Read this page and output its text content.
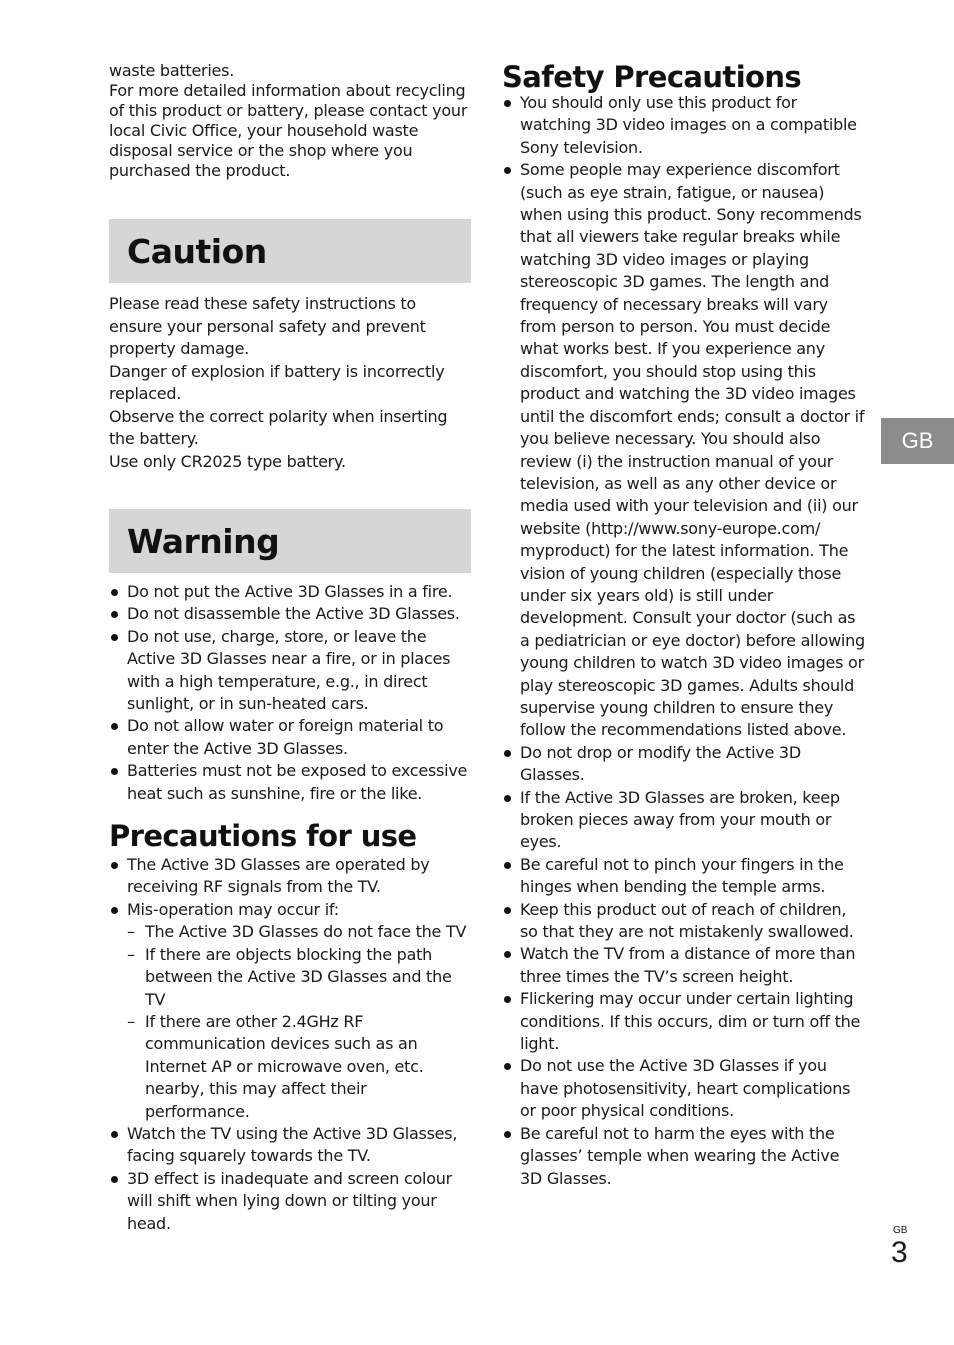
waste batteries.

For more detailed information about recycling of this product or battery, please contact your local Civic Office, your household waste disposal service or the shop where you purchased the product.

Caution

Please read these safety instructions to ensure your personal safety and prevent property damage.

Danger of explosion if battery is incorrectly replaced.

Observe the correct polarity when inserting the battery.

Use only CR2025 type battery.

Warning
Do not put the Active 3D Glasses in a fire.
Do not disassemble the Active 3D Glasses.
Do not use, charge, store, or leave the Active 3D Glasses near a fire, or in places with a high temperature, e.g., in direct sunlight, or in sun-heated cars.
Do not allow water or foreign material to enter the Active 3D Glasses.
Batteries must not be exposed to excessive heat such as sunshine, fire or the like.
Precautions for use
The Active 3D Glasses are operated by receiving RF signals from the TV.
Mis-operation may occur if:
– The Active 3D Glasses do not face the TV
– If there are objects blocking the path between the Active 3D Glasses and the TV
– If there are other 2.4GHz RF communication devices such as an Internet AP or microwave oven, etc. nearby, this may affect their performance.
Watch the TV using the Active 3D Glasses, facing squarely towards the TV.
3D effect is inadequate and screen colour will shift when lying down or tilting your head.
Safety Precautions
You should only use this product for watching 3D video images on a compatible Sony television.
Some people may experience discomfort (such as eye strain, fatigue, or nausea) when using this product. Sony recommends that all viewers take regular breaks while watching 3D video images or playing stereoscopic 3D games. The length and frequency of necessary breaks will vary from person to person. You must decide what works best. If you experience any discomfort, you should stop using this product and watching the 3D video images until the discomfort ends; consult a doctor if you believe necessary. You should also review (i) the instruction manual of your television, as well as any other device or media used with your television and (ii) our website (http://www.sony-europe.com/ myproduct) for the latest information. The vision of young children (especially those under six years old) is still under development. Consult your doctor (such as a pediatrician or eye doctor) before allowing young children to watch 3D video images or play stereoscopic 3D games. Adults should supervise young children to ensure they follow the recommendations listed above.
Do not drop or modify the Active 3D Glasses.
If the Active 3D Glasses are broken, keep broken pieces away from your mouth or eyes.
Be careful not to pinch your fingers in the hinges when bending the temple arms.
Keep this product out of reach of children, so that they are not mistakenly swallowed.
Watch the TV from a distance of more than three times the TV’s screen height.
Flickering may occur under certain lighting conditions. If this occurs, dim or turn off the light.
Do not use the Active 3D Glasses if you have photosensitivity, heart complications or poor physical conditions.
Be careful not to harm the eyes with the glasses’ temple when wearing the Active 3D Glasses.
GB
GB
3
